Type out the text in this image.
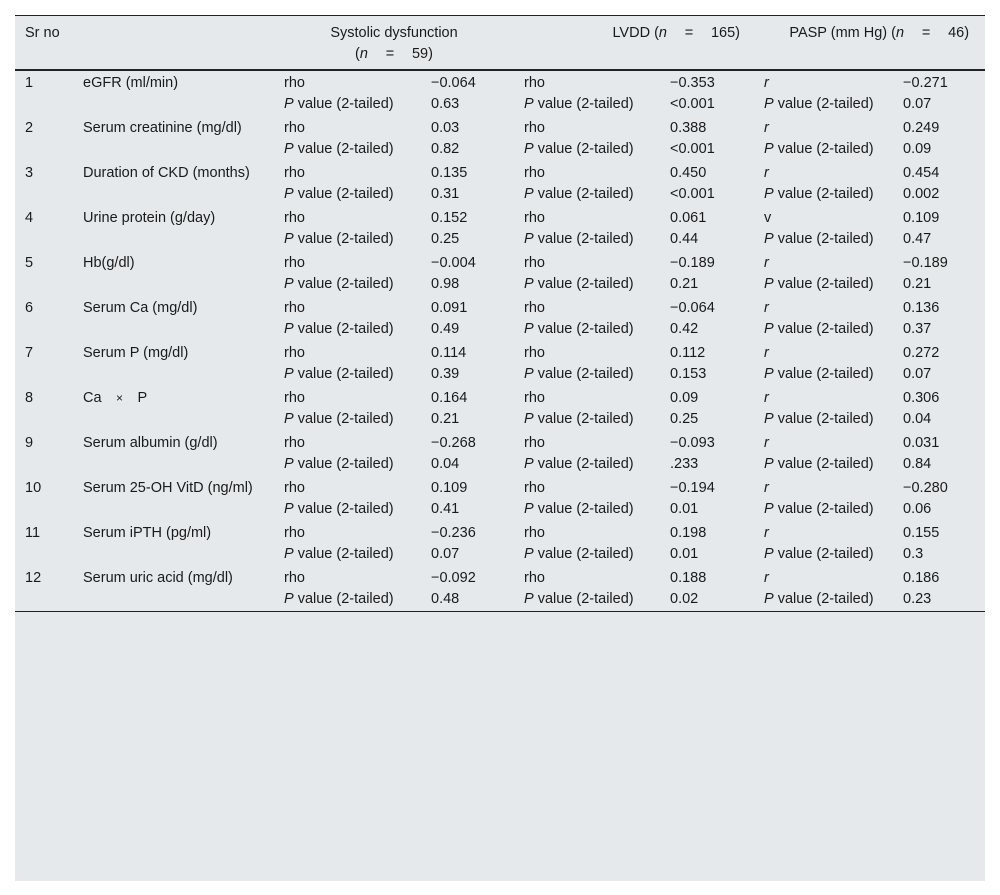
Sr no		Systolic dysfunction
(n = 59)		LVDD (n = 165)		PASP (mm Hg) (n = 46)	
1	eGFR (ml/min)	rho	−0.064	rho	−0.353	r	−0.271
		P value (2-tailed)	0.63	P value (2-tailed)	<0.001	P value (2-tailed)	0.07
2	Serum creatinine (mg/dl)	rho	0.03	rho	0.388	r	0.249
		P value (2-tailed)	0.82	P value (2-tailed)	<0.001	P value (2-tailed)	0.09
3	Duration of CKD (months)	rho	0.135	rho	0.450	r	0.454
		P value (2-tailed)	0.31	P value (2-tailed)	<0.001	P value (2-tailed)	0.002
4	Urine protein (g/day)	rho	0.152	rho	0.061	v	0.109
		P value (2-tailed)	0.25	P value (2-tailed)	0.44	P value (2-tailed)	0.47
5	Hb(g/dl)	rho	−0.004	rho	−0.189	r	−0.189
		P value (2-tailed)	0.98	P value (2-tailed)	0.21	P value (2-tailed)	0.21
6	Serum Ca (mg/dl)	rho	0.091	rho	−0.064	r	0.136
		P value (2-tailed)	0.49	P value (2-tailed)	0.42	P value (2-tailed)	0.37
7	Serum P (mg/dl)	rho	0.114	rho	0.112	r	0.272
		P value (2-tailed)	0.39	P value (2-tailed)	0.153	P value (2-tailed)	0.07
8	Ca × P	rho	0.164	rho	0.09	r	0.306
		P value (2-tailed)	0.21	P value (2-tailed)	0.25	P value (2-tailed)	0.04
9	Serum albumin (g/dl)	rho	−0.268	rho	−0.093	r	0.031
		P value (2-tailed)	0.04	P value (2-tailed)	.233	P value (2-tailed)	0.84
10	Serum 25-OH VitD (ng/ml)	rho	0.109	rho	−0.194	r	−0.280
		P value (2-tailed)	0.41	P value (2-tailed)	0.01	P value (2-tailed)	0.06
11	Serum iPTH (pg/ml)	rho	−0.236	rho	0.198	r	0.155
		P value (2-tailed)	0.07	P value (2-tailed)	0.01	P value (2-tailed)	0.3
12	Serum uric acid (mg/dl)	rho	−0.092	rho	0.188	r	0.186
		P value (2-tailed)	0.48	P value (2-tailed)	0.02	P value (2-tailed)	0.23
